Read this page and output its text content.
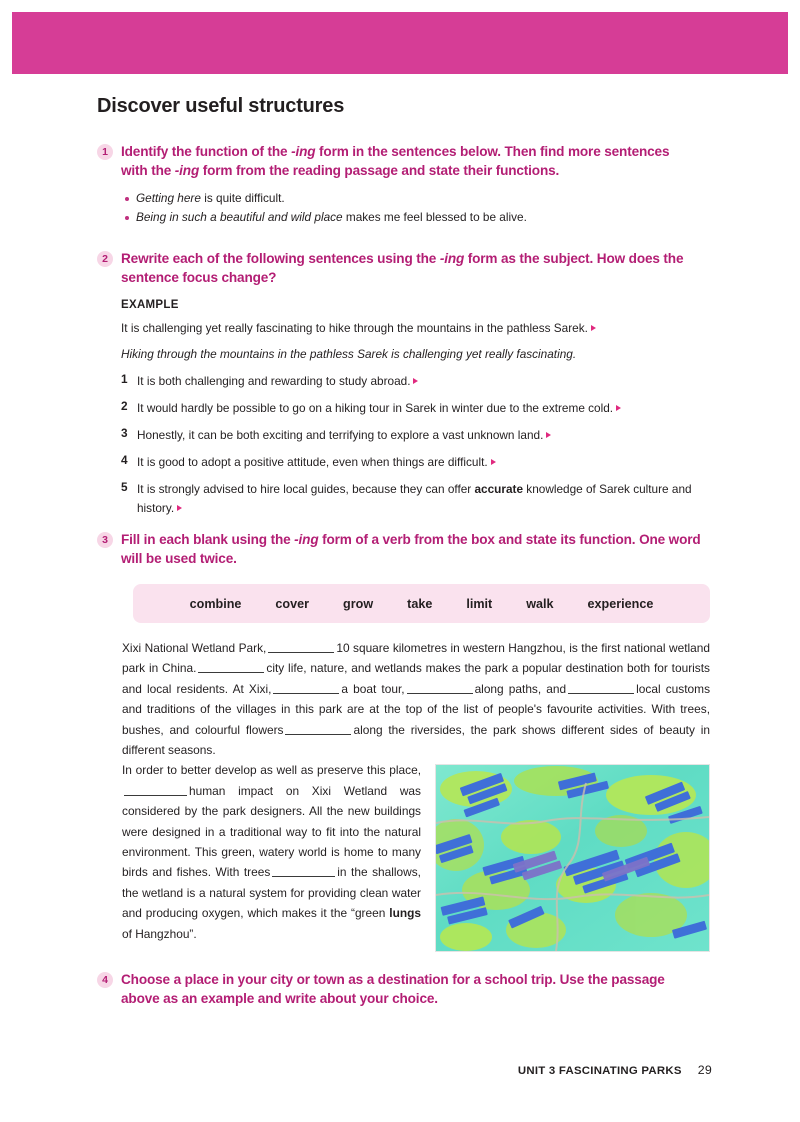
Discover useful structures
1 Identify the function of the -ing form in the sentences below. Then find more sentences with the -ing form from the reading passage and state their functions.
Getting here is quite difficult.
Being in such a beautiful and wild place makes me feel blessed to be alive.
2 Rewrite each of the following sentences using the -ing form as the subject. How does the sentence focus change?
EXAMPLE
It is challenging yet really fascinating to hike through the mountains in the pathless Sarek.
Hiking through the mountains in the pathless Sarek is challenging yet really fascinating.
1 It is both challenging and rewarding to study abroad.
2 It would hardly be possible to go on a hiking tour in Sarek in winter due to the extreme cold.
3 Honestly, it can be both exciting and terrifying to explore a vast unknown land.
4 It is good to adopt a positive attitude, even when things are difficult.
5 It is strongly advised to hire local guides, because they can offer accurate knowledge of Sarek culture and history.
3 Fill in each blank using the -ing form of a verb from the box and state its function. One word will be used twice.
combine	cover	grow	take	limit	walk	experience

Xixi National Wetland Park,	10 square kilometres in western Hangzhou, is the first national wetland park in China.	city life, nature, and wetlands makes the park a popular destination both for tourists and local residents. At Xixi,	a boat tour,	along paths, and	local customs and traditions of the villages in this park are at the top of the list of people's favourite activities. With trees, bushes, and colourful flowers	along the riversides, the park shows different sides of beauty in different seasons.

In order to better develop as well as preserve this place,human impact on Xixi Wetland was considered by the park designers. All the new buildings were designed in a traditional way to fit into the natural environment. This green, watery world is home to many birds and fishes. With trees	in the shallows, the wetland is a natural system for providing clean water and producing oxygen, which makes it the “green lungs of Hangzhou”.

4 Choose a place in your city or town as a destination for a school trip. Use the passage above as an example and write about your choice.
UNIT 3 FASCINATING PARKS 29
